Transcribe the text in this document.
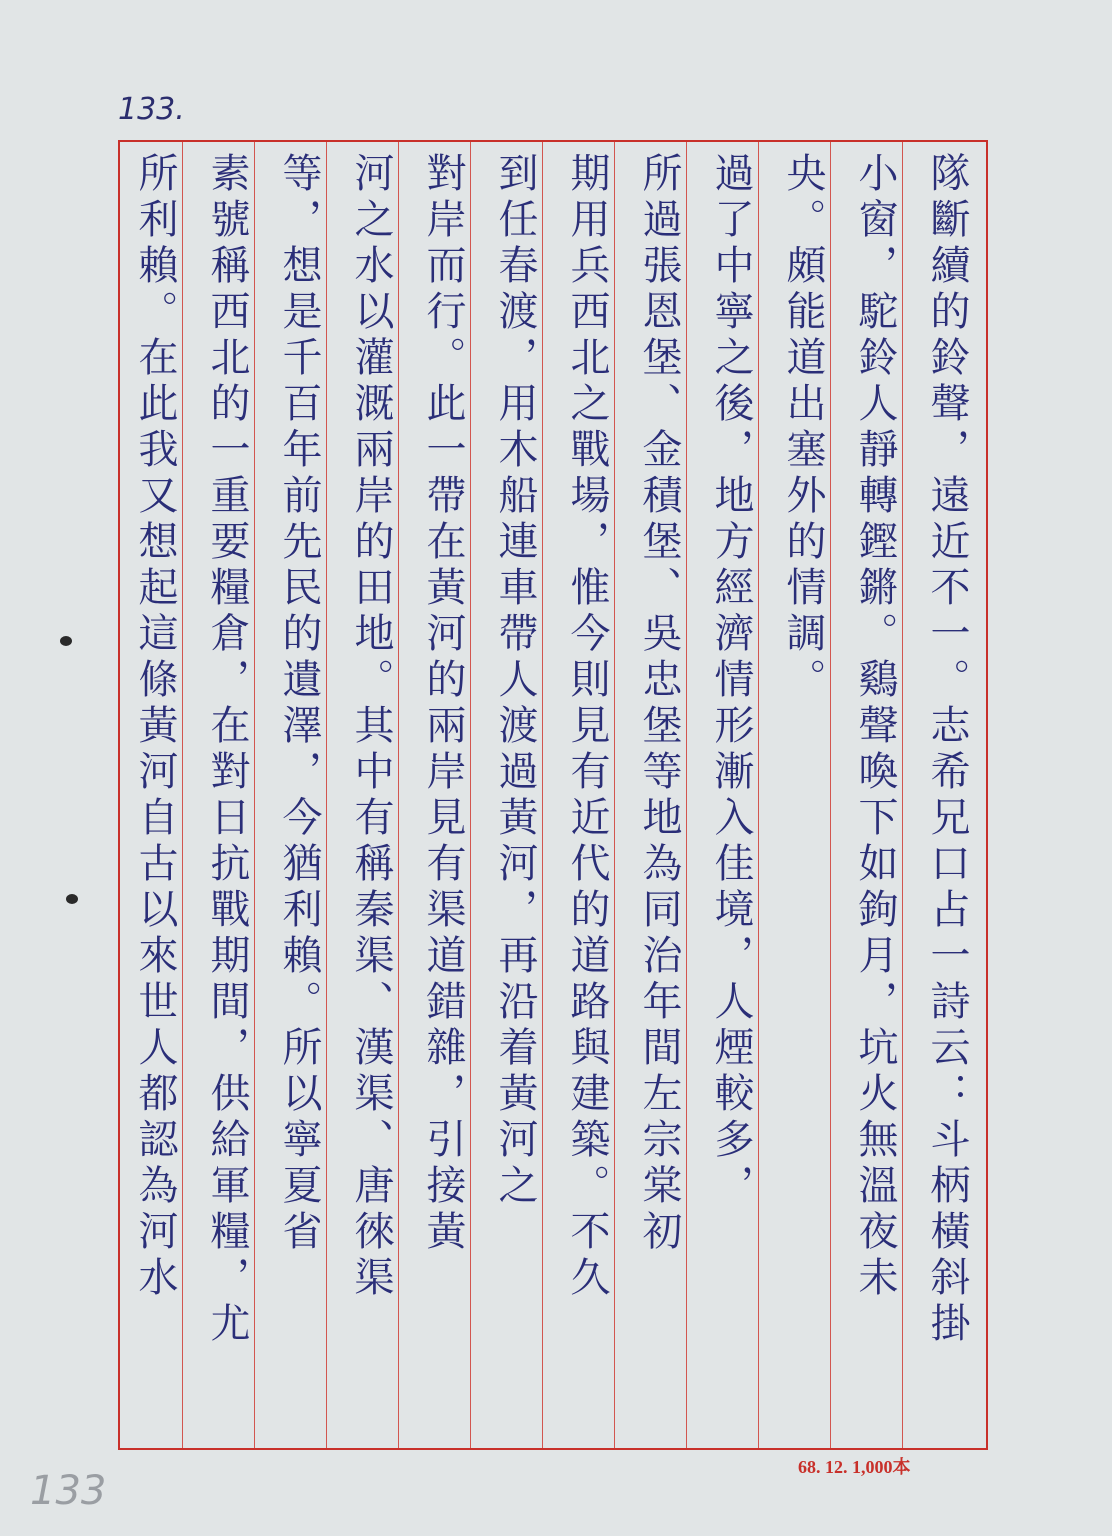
133.
隊斷續的鈴聲，遠近不一。志希兄口占一詩云：斗柄橫斜掛
小窗，駝鈴人靜轉鏗鏘。鷄聲喚下如鉤月，坑火無溫夜未
央。頗能道出塞外的情調。
過了中寧之後，地方經濟情形漸入佳境，人煙較多，
所過張恩堡、金積堡、吳忠堡等地為同治年間左宗棠初
期用兵西北之戰場，惟今則見有近代的道路與建築。不久
到任春渡，用木船連車帶人渡過黃河，再沿着黃河之
對岸而行。此一帶在黃河的兩岸見有渠道錯雜，引接黃
河之水以灌溉兩岸的田地。其中有稱秦渠、漢渠、唐徠渠
等，想是千百年前先民的遺澤，今猶利賴。所以寧夏省
素號稱西北的一重要糧倉，在對日抗戰期間，供給軍糧，尤
所利賴。在此我又想起這條黃河自古以來世人都認為河水
68. 12. 1,000本
133
